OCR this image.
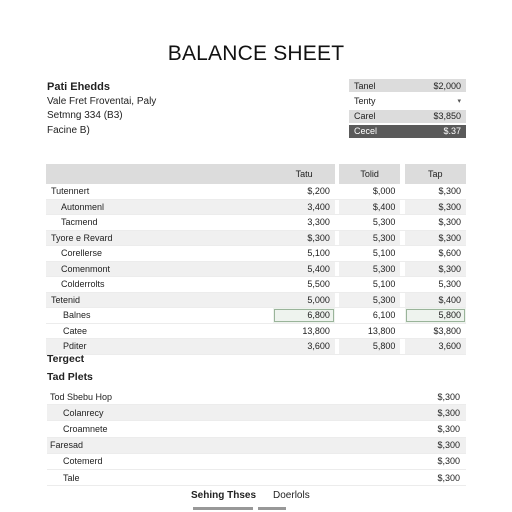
BALANCE SHEET
Pati Ehedds
Vale Fret Froventai, Paly
Setmng 334 (B3)
Facine B)
Tanel	$2,000
Tenty	▾
Carel	$3,850
Cecel	$.37
	Tatu		Tolid		Tap
Tutennert	$,200		$,000		$,300
Autonmenl	3,400		$,400		$,300
Tacmend	3,300		5,300		$,300
Tyore e Revard	$,300		5,300		$,300
Corellerse	5,100		5,100		$,600
Comenmont	5,400		5,300		$,300
Colderrolts	5,500		5,100		5,300
Tetenid	5,000		5,300		$,400
Balnes	6,800		6,100		5,800
Catee	13,800		13,800		$3,800
Pditer	3,600		5,800		3,600
Tergect
Tad Plets
Tod Sbebu Hop	$,300
Colanrecy	$,300
Croamnete	$,300
Faresad	$,300
Cotemerd	$,300
Tale	$,300
Sehing Thses Doerlols
